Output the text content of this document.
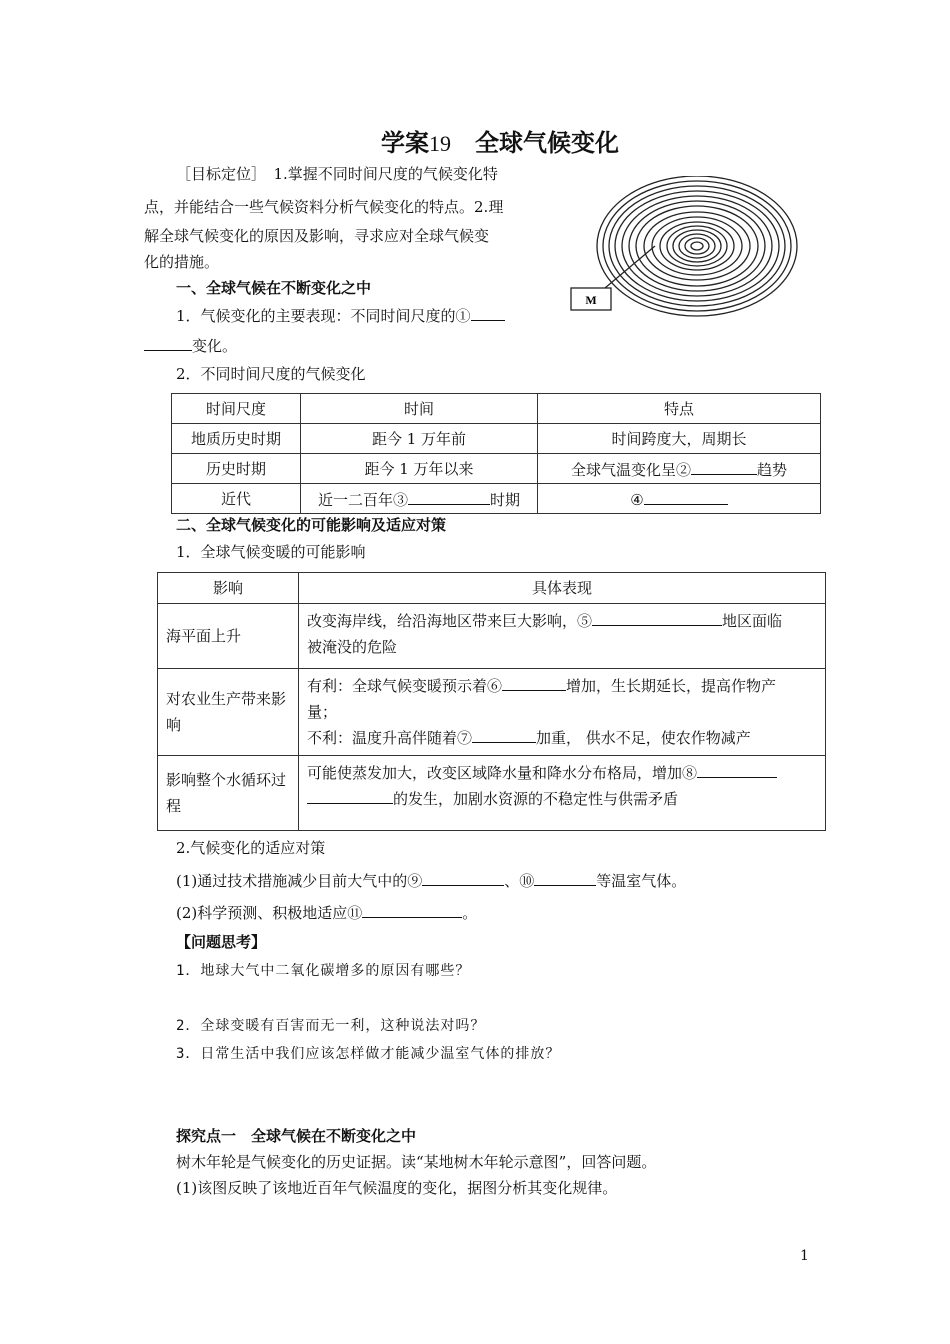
学案19　 全球气候变化
［目标定位］　1.掌握不同时间尺度的气候变化特
点，并能结合一些气候资料分析气候变化的特点。2.理
解全球气候变化的原因及影响，寻求应对全球气候变
化的措施。
M
一、全球气候在不断变化之中
1．气候变化的主要表现：不同时间尺度的①
变化。
2．不同时间尺度的气候变化
时间尺度	时间	特点
地质历史时期	距今 1 万年前	时间跨度大，周期长
历史时期	距今 1 万年以来	全球气温变化呈② 趋势
近代	近一二百年③ 时期	④
二、全球气候变化的可能影响及适应对策
1．全球气候变暖的可能影响
影响	具体表现
海平面上升	改变海岸线，给沿海地区带来巨大影响，⑤ 地区面临
被淹没的危险
对农业生产带来影响	有利：全球气候变暖预示着⑥ 增加，生长期延长，提高作物产
量；
不利：温度升高伴随着⑦ 加重， 供水不足，使农作物减产
影响整个水循环过程	可能使蒸发加大，改变区域降水量和降水分布格局，增加⑧
的发生，加剧水资源的不稳定性与供需矛盾
2.气候变化的适应对策
(1)通过技术措施减少目前大气中的⑨	、⑩	等温室气体。
(2)科学预测、积极地适应⑪	。
【问题思考】
1．地球大气中二氧化碳增多的原因有哪些？
2．全球变暖有百害而无一利，这种说法对吗？
3．日常生活中我们应该怎样做才能减少温室气体的排放？
探究点一　全球气候在不断变化之中
树木年轮是气候变化的历史证据。读“某地树木年轮示意图”，回答问题。
(1)该图反映了该地近百年气候温度的变化，据图分析其变化规律。
1
